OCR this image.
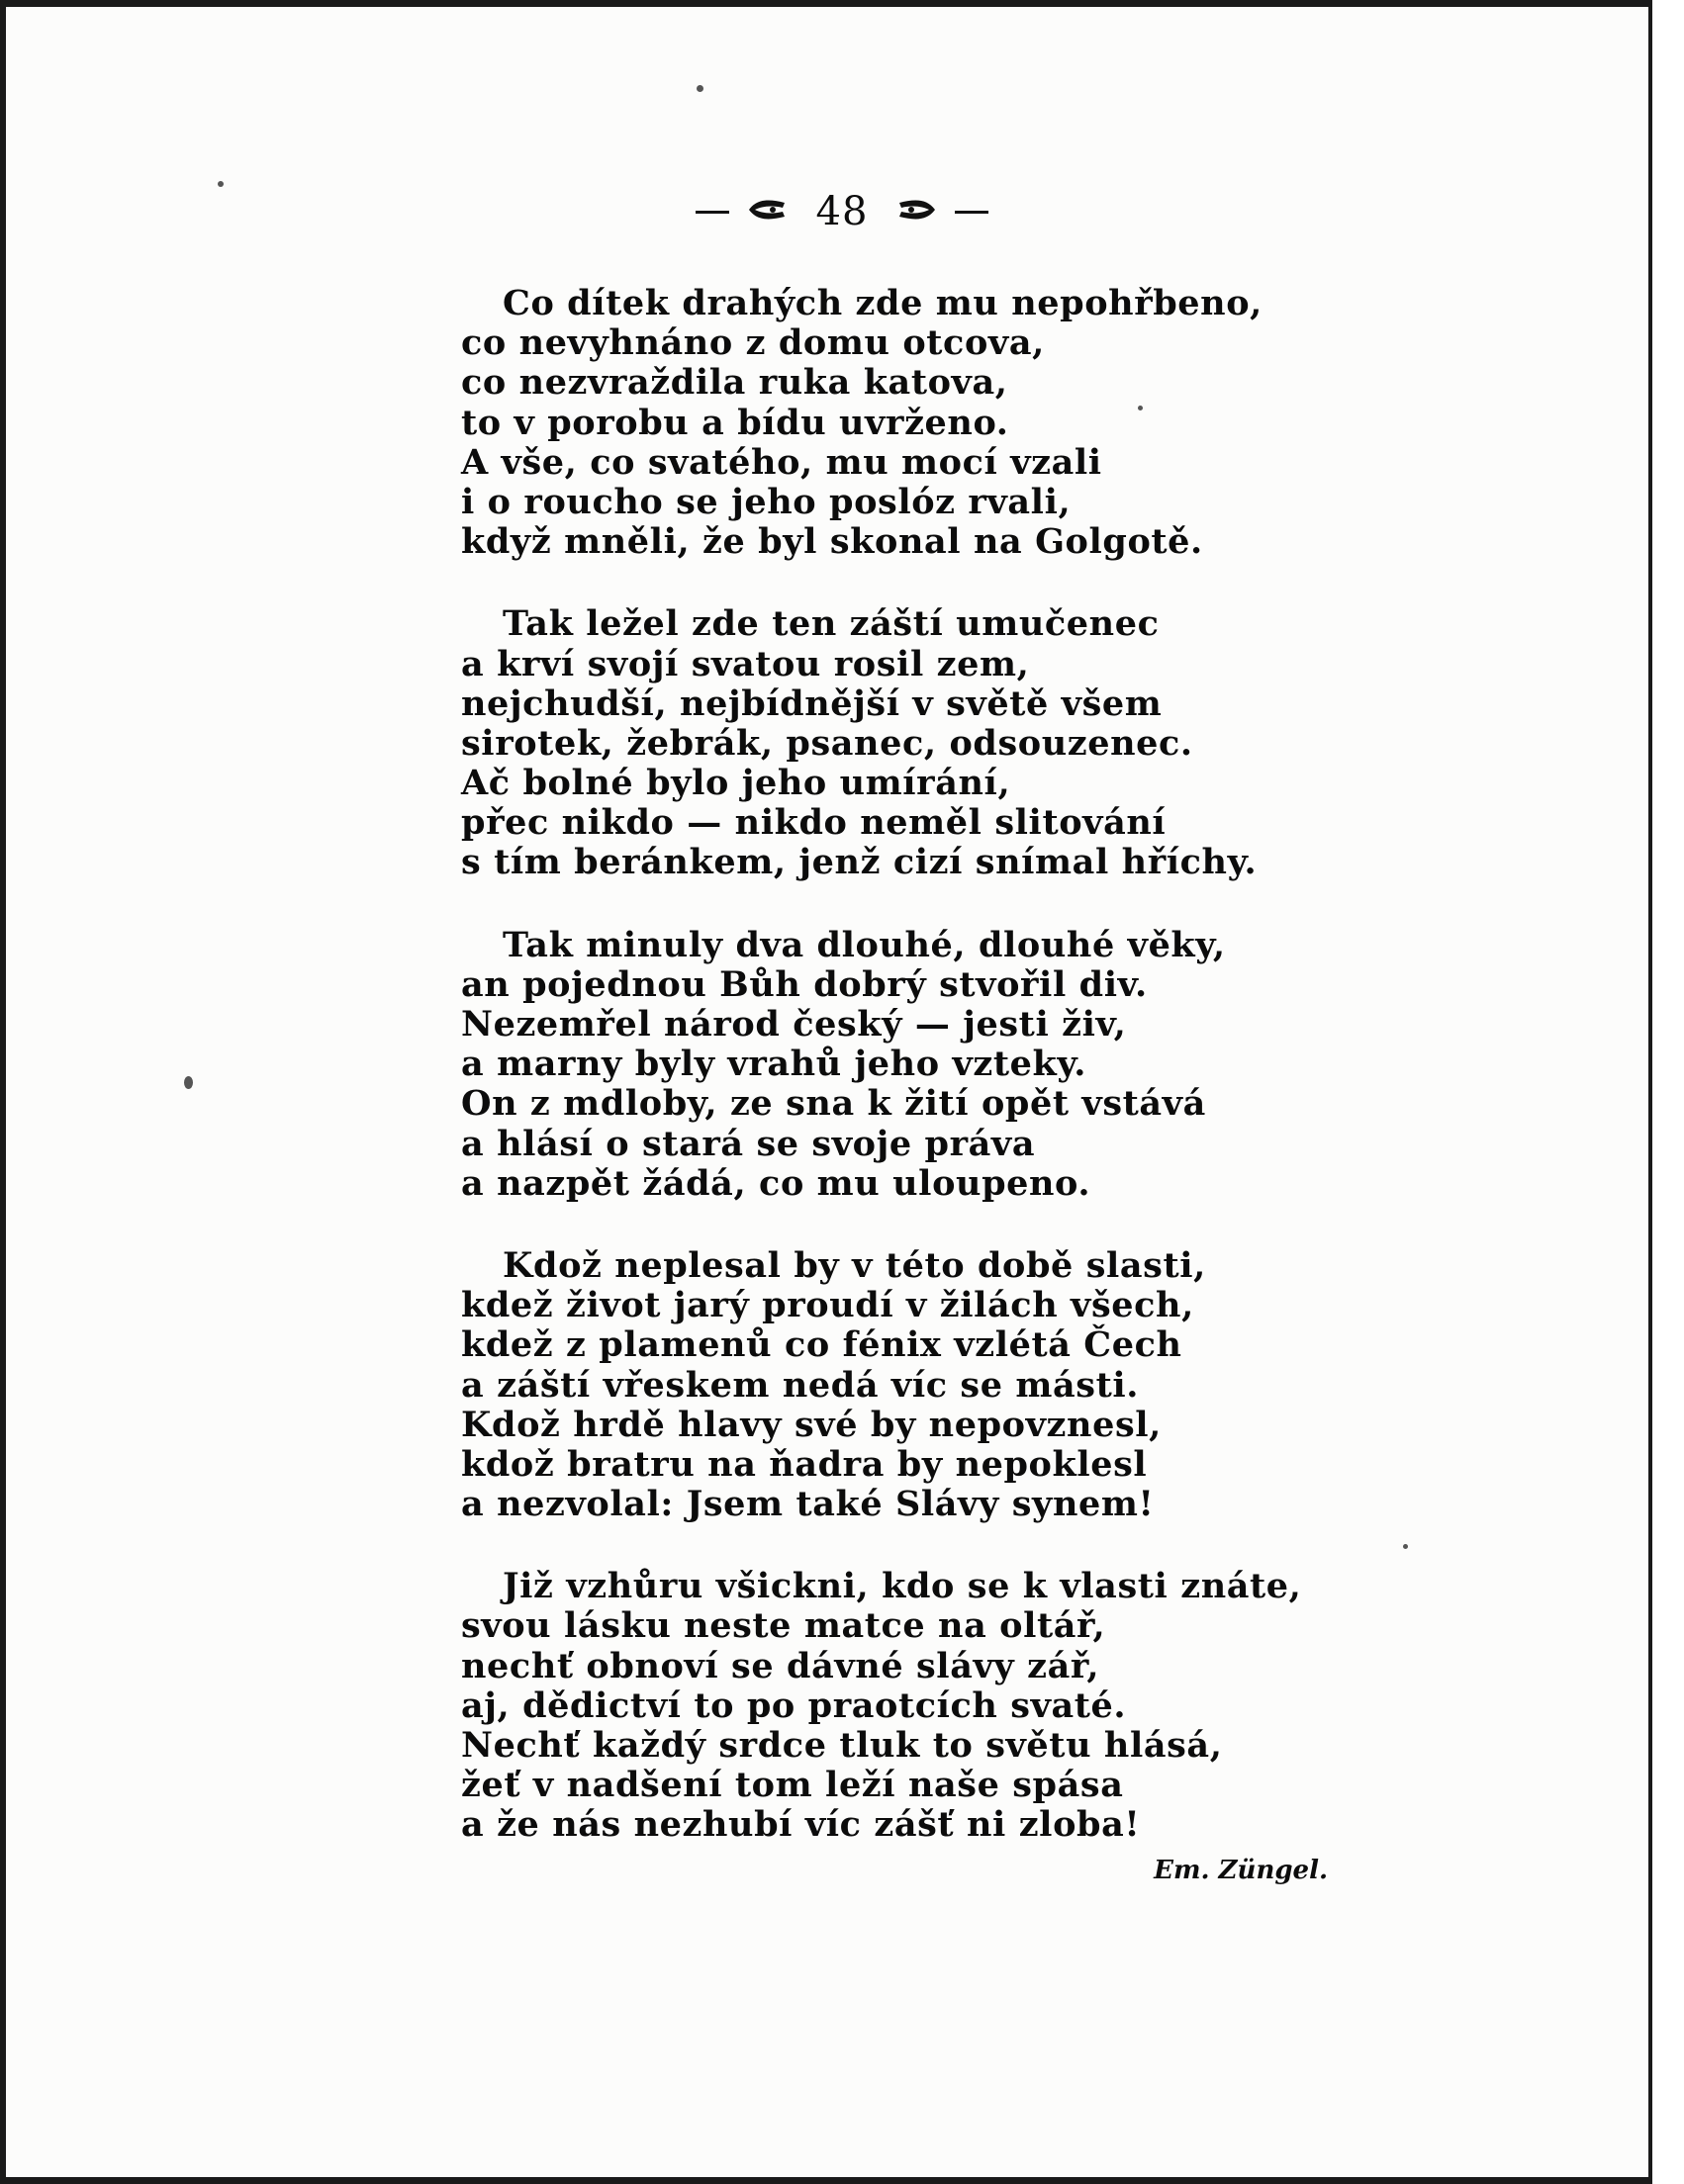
48
Co dítek drahých zde mu nepohřbeno,
co nevyhnáno z domu otcova,
co nezvraždila ruka katova,
to v porobu a bídu uvrženo.
A vše, co svatého, mu mocí vzali
i o roucho se jeho poslóz rvali,
když mněli, že byl skonal na Golgotě.
Tak ležel zde ten záští umučenec
a krví svojí svatou rosil zem,
nejchudší, nejbídnější v světě všem
sirotek, žebrák, psanec, odsouzenec.
Ač bolné bylo jeho umírání,
přec nikdo — nikdo neměl slitování
s tím beránkem, jenž cizí snímal hříchy.
Tak minuly dva dlouhé, dlouhé věky,
an pojednou Bůh dobrý stvořil div.
Nezemřel národ český — jesti živ,
a marny byly vrahů jeho vzteky.
On z mdloby, ze sna k žití opět vstává
a hlásí o stará se svoje práva
a nazpět žádá, co mu uloupeno.
Kdož neplesal by v této době slasti,
kdež život jarý proudí v žilách všech,
kdež z plamenů co fénix vzlétá Čech
a záští vřeskem nedá víc se másti.
Kdož hrdě hlavy své by nepovznesl,
kdož bratru na ňadra by nepoklesl
a nezvolal: Jsem také Slávy synem!
Již vzhůru všickni, kdo se k vlasti znáte,
svou lásku neste matce na oltář,
nechť obnoví se dávné slávy zář,
aj, dědictví to po praotcích svaté.
Nechť každý srdce tluk to světu hlásá,
žeť v nadšení tom leží naše spása
a že nás nezhubí víc zášť ni zloba!
Em. Züngel.
